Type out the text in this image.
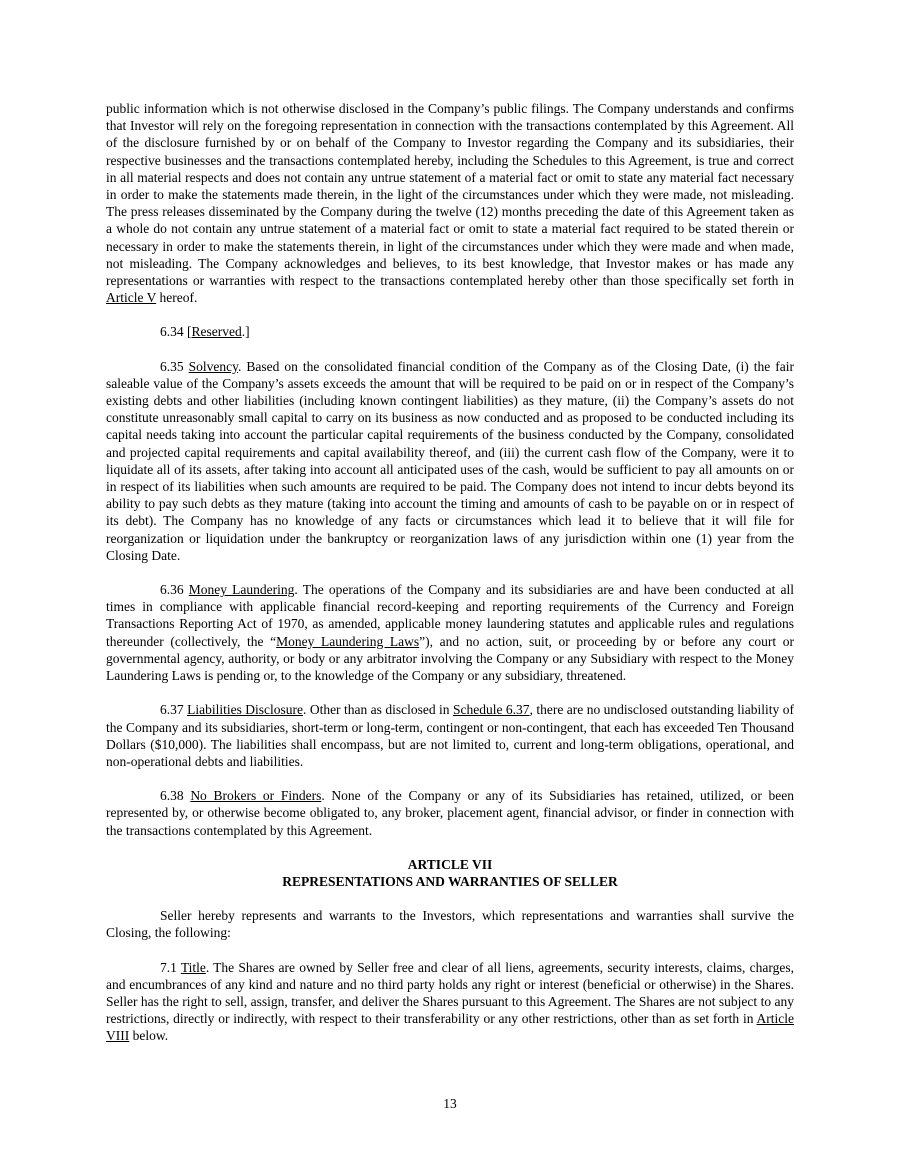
public information which is not otherwise disclosed in the Company’s public filings. The Company understands and confirms that Investor will rely on the foregoing representation in connection with the transactions contemplated by this Agreement. All of the disclosure furnished by or on behalf of the Company to Investor regarding the Company and its subsidiaries, their respective businesses and the transactions contemplated hereby, including the Schedules to this Agreement, is true and correct in all material respects and does not contain any untrue statement of a material fact or omit to state any material fact necessary in order to make the statements made therein, in the light of the circumstances under which they were made, not misleading. The press releases disseminated by the Company during the twelve (12) months preceding the date of this Agreement taken as a whole do not contain any untrue statement of a material fact or omit to state a material fact required to be stated therein or necessary in order to make the statements therein, in light of the circumstances under which they were made and when made, not misleading. The Company acknowledges and believes, to its best knowledge, that Investor makes or has made any representations or warranties with respect to the transactions contemplated hereby other than those specifically set forth in Article V hereof.

6.34 [Reserved.]

6.35 Solvency. Based on the consolidated financial condition of the Company as of the Closing Date, (i) the fair saleable value of the Company’s assets exceeds the amount that will be required to be paid on or in respect of the Company’s existing debts and other liabilities (including known contingent liabilities) as they mature, (ii) the Company’s assets do not constitute unreasonably small capital to carry on its business as now conducted and as proposed to be conducted including its capital needs taking into account the particular capital requirements of the business conducted by the Company, consolidated and projected capital requirements and capital availability thereof, and (iii) the current cash flow of the Company, were it to liquidate all of its assets, after taking into account all anticipated uses of the cash, would be sufficient to pay all amounts on or in respect of its liabilities when such amounts are required to be paid. The Company does not intend to incur debts beyond its ability to pay such debts as they mature (taking into account the timing and amounts of cash to be payable on or in respect of its debt). The Company has no knowledge of any facts or circumstances which lead it to believe that it will file for reorganization or liquidation under the bankruptcy or reorganization laws of any jurisdiction within one (1) year from the Closing Date.

6.36 Money Laundering. The operations of the Company and its subsidiaries are and have been conducted at all times in compliance with applicable financial record-keeping and reporting requirements of the Currency and Foreign Transactions Reporting Act of 1970, as amended, applicable money laundering statutes and applicable rules and regulations thereunder (collectively, the “Money Laundering Laws”), and no action, suit, or proceeding by or before any court or governmental agency, authority, or body or any arbitrator involving the Company or any Subsidiary with respect to the Money Laundering Laws is pending or, to the knowledge of the Company or any subsidiary, threatened.

6.37 Liabilities Disclosure. Other than as disclosed in Schedule 6.37, there are no undisclosed outstanding liability of the Company and its subsidiaries, short-term or long-term, contingent or non-contingent, that each has exceeded Ten Thousand Dollars ($10,000). The liabilities shall encompass, but are not limited to, current and long-term obligations, operational, and non-operational debts and liabilities.

6.38 No Brokers or Finders. None of the Company or any of its Subsidiaries has retained, utilized, or been represented by, or otherwise become obligated to, any broker, placement agent, financial advisor, or finder in connection with the transactions contemplated by this Agreement.

ARTICLE VII
REPRESENTATIONS AND WARRANTIES OF SELLER

Seller hereby represents and warrants to the Investors, which representations and warranties shall survive the Closing, the following:

7.1 Title. The Shares are owned by Seller free and clear of all liens, agreements, security interests, claims, charges, and encumbrances of any kind and nature and no third party holds any right or interest (beneficial or otherwise) in the Shares. Seller has the right to sell, assign, transfer, and deliver the Shares pursuant to this Agreement. The Shares are not subject to any restrictions, directly or indirectly, with respect to their transferability or any other restrictions, other than as set forth in Article VIII below.

13
